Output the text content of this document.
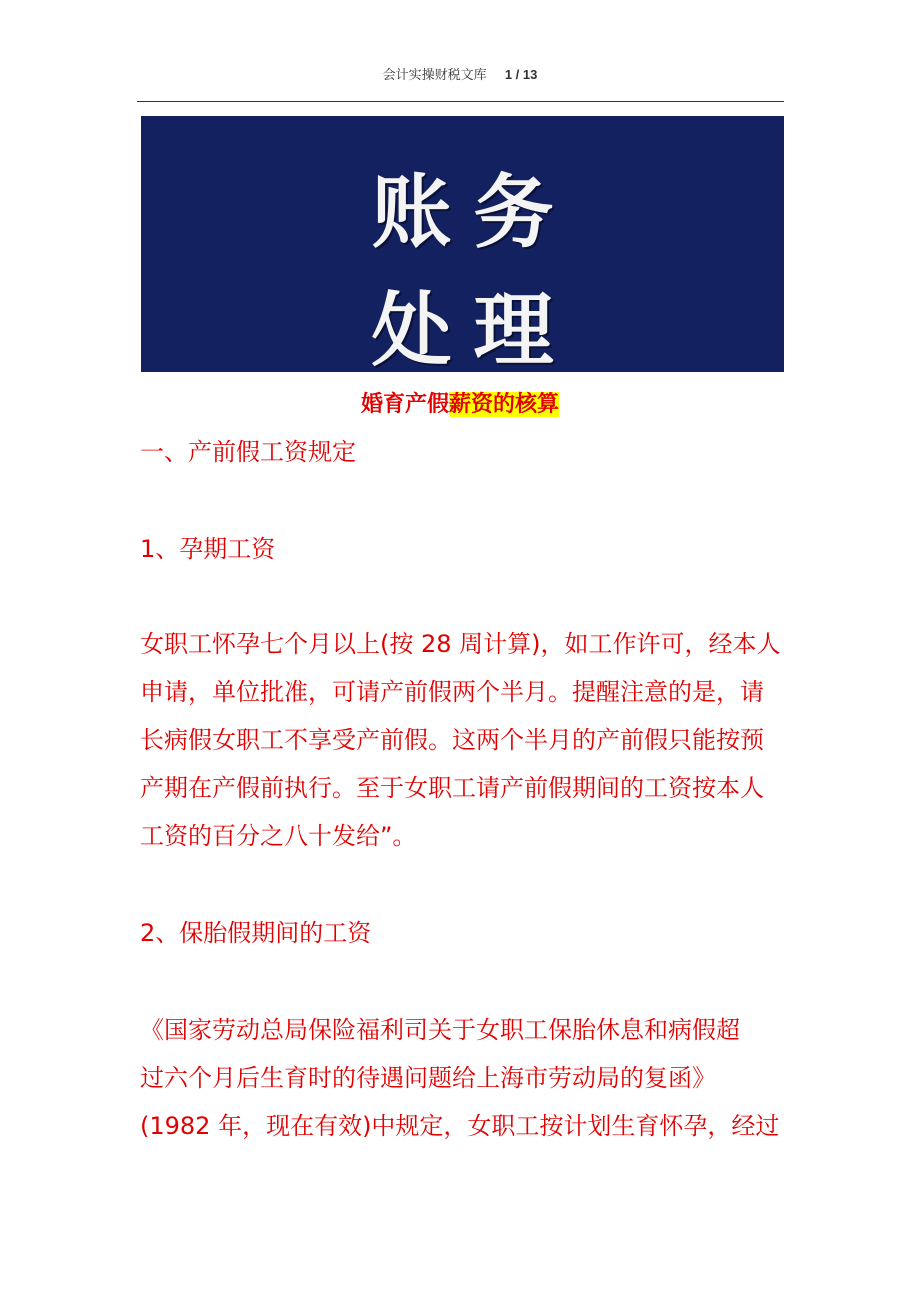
会计实操财税文库 1 / 13
账务
处理
婚育产假薪资的核算
一、产前假工资规定
1、孕期工资
女职工怀孕七个月以上(按 28 周计算)，如工作许可，经本人
申请，单位批准，可请产前假两个半月。提醒注意的是，请
长病假女职工不享受产前假。这两个半月的产前假只能按预
产期在产假前执行。至于女职工请产前假期间的工资按本人
工资的百分之八十发给”。
2、保胎假期间的工资
《国家劳动总局保险福利司关于女职工保胎休息和病假超
过六个月后生育时的待遇问题给上海市劳动局的复函》
(1982 年，现在有效)中规定，女职工按计划生育怀孕，经过
